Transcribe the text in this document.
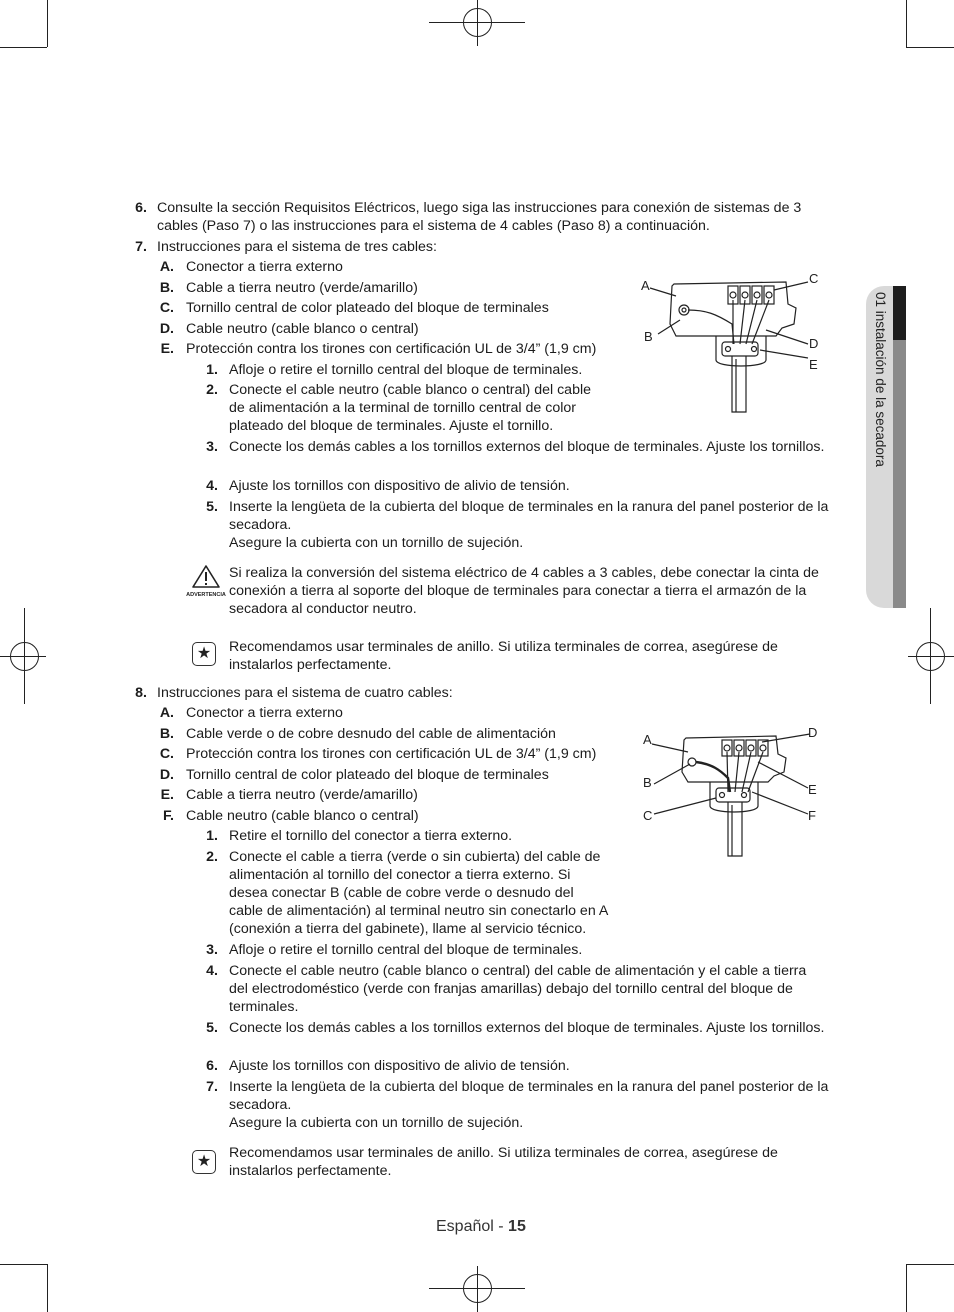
01 instalación de la secadora
6. Consulte la sección Requisitos Eléctricos, luego siga las instrucciones para conexión de sistemas de 3 cables (Paso 7) o las instrucciones para el sistema de 4 cables (Paso 8) a continuación.

7. Instrucciones para el sistema de tres cables:

A. Conector a tierra externo

B. Cable a tierra neutro (verde/amarillo)

C. Tornillo central de color plateado del bloque de terminales

D. Cable neutro (cable blanco o central)

E. Protección contra los tirones con certificación UL de 3/4” (1,9 cm)

1. Afloje o retire el tornillo central del bloque de terminales.

2. Conecte el cable neutro (cable blanco o central) del cable de alimentación a la terminal de tornillo central de color plateado del bloque de terminales. Ajuste el tornillo.

3. Conecte los demás cables a los tornillos externos del bloque de terminales. Ajuste los tornillos.

4. Ajuste los tornillos con dispositivo de alivio de tensión.

5. Inserte la lengüeta de la cubierta del bloque de terminales en la ranura del panel posterior de la secadora.

Asegure la cubierta con un tornillo de sujeción.

A
B
C
D
E
ADVERTENCIA

Si realiza la conversión del sistema eléctrico de 4 cables a 3 cables, debe conectar la cinta de conexión a tierra al soporte del bloque de terminales para conectar a tierra el armazón de la secadora al conductor neutro.

★	Recomendamos usar terminales de anillo. Si utiliza terminales de correa, asegúrese de instalarlos perfectamente.

8. Instrucciones para el sistema de cuatro cables:

A. Conector a tierra externo

B. Cable verde o de cobre desnudo del cable de alimentación

C. Protección contra los tirones con certificación UL de 3/4” (1,9 cm)

D. Tornillo central de color plateado del bloque de terminales

E. Cable a tierra neutro (verde/amarillo)

F. Cable neutro (cable blanco o central)

1. Retire el tornillo del conector a tierra externo.

2. Conecte el cable a tierra (verde o sin cubierta) del cable de alimentación al tornillo del conector a tierra externo. Si desea conectar B (cable de cobre verde o desnudo del cable de alimentación) al terminal neutro sin conectarlo en A (conexión a tierra del gabinete), llame al servicio técnico.

3. Afloje o retire el tornillo central del bloque de terminales.

4. Conecte el cable neutro (cable blanco o central) del cable de alimentación y el cable a tierra del electrodoméstico (verde con franjas amarillas) debajo del tornillo central del bloque de terminales.

5. Conecte los demás cables a los tornillos externos del bloque de terminales. Ajuste los tornillos.

6. Ajuste los tornillos con dispositivo de alivio de tensión.

7. Inserte la lengüeta de la cubierta del bloque de terminales en la ranura del panel posterior de la secadora.

Asegure la cubierta con un tornillo de sujeción.

A
B
C
D
E
F
★	Recomendamos usar terminales de anillo. Si utiliza terminales de correa, asegúrese de instalarlos perfectamente.

Español - 15
